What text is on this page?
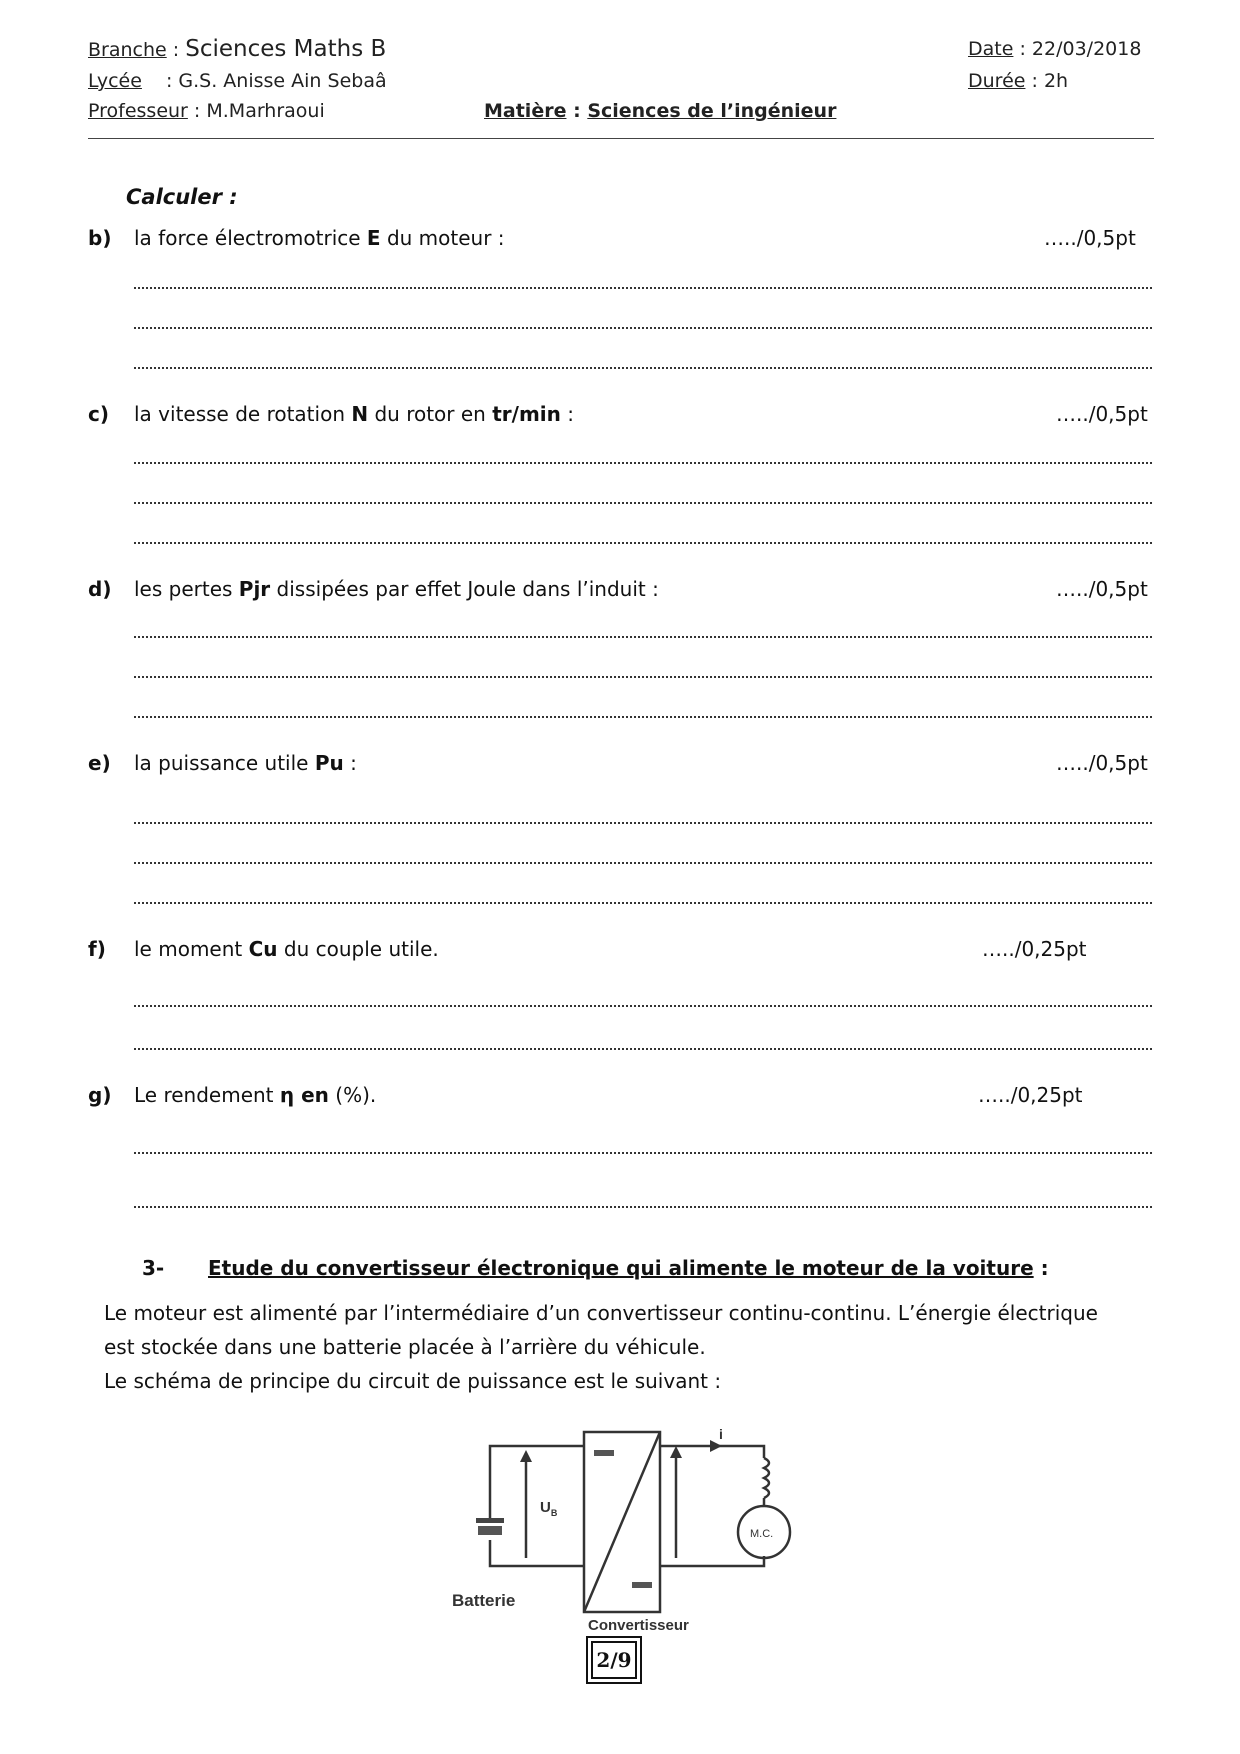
Branche : Sciences Maths B
Lycée : G.S. Anisse Ain Sebaâ
Professeur : M.Marhraoui	Matière : Sciences de l’ingénieur
Date : 22/03/2018
Durée : 2h
Calculer :
b) la force électromotrice E du moteur :	…../0,5pt
c) la vitesse de rotation N du rotor en tr/min :	…../0,5pt
d) les pertes Pjr dissipées par effet Joule dans l’induit :	…../0,5pt
e) la puissance utile Pu :	…../0,5pt
f) le moment Cu du couple utile.	…../0,25pt
g) Le rendement η en (%).	…../0,25pt
3- Etude du convertisseur électronique qui alimente le moteur de la voiture :
Le moteur est alimenté par l’intermédiaire d’un convertisseur continu-continu. L’énergie électrique
est stockée dans une batterie placée à l’arrière du véhicule.
Le schéma de principe du circuit de puissance est le suivant :
$U_B$
i
M.C.
Batterie
Convertisseur
2/9
